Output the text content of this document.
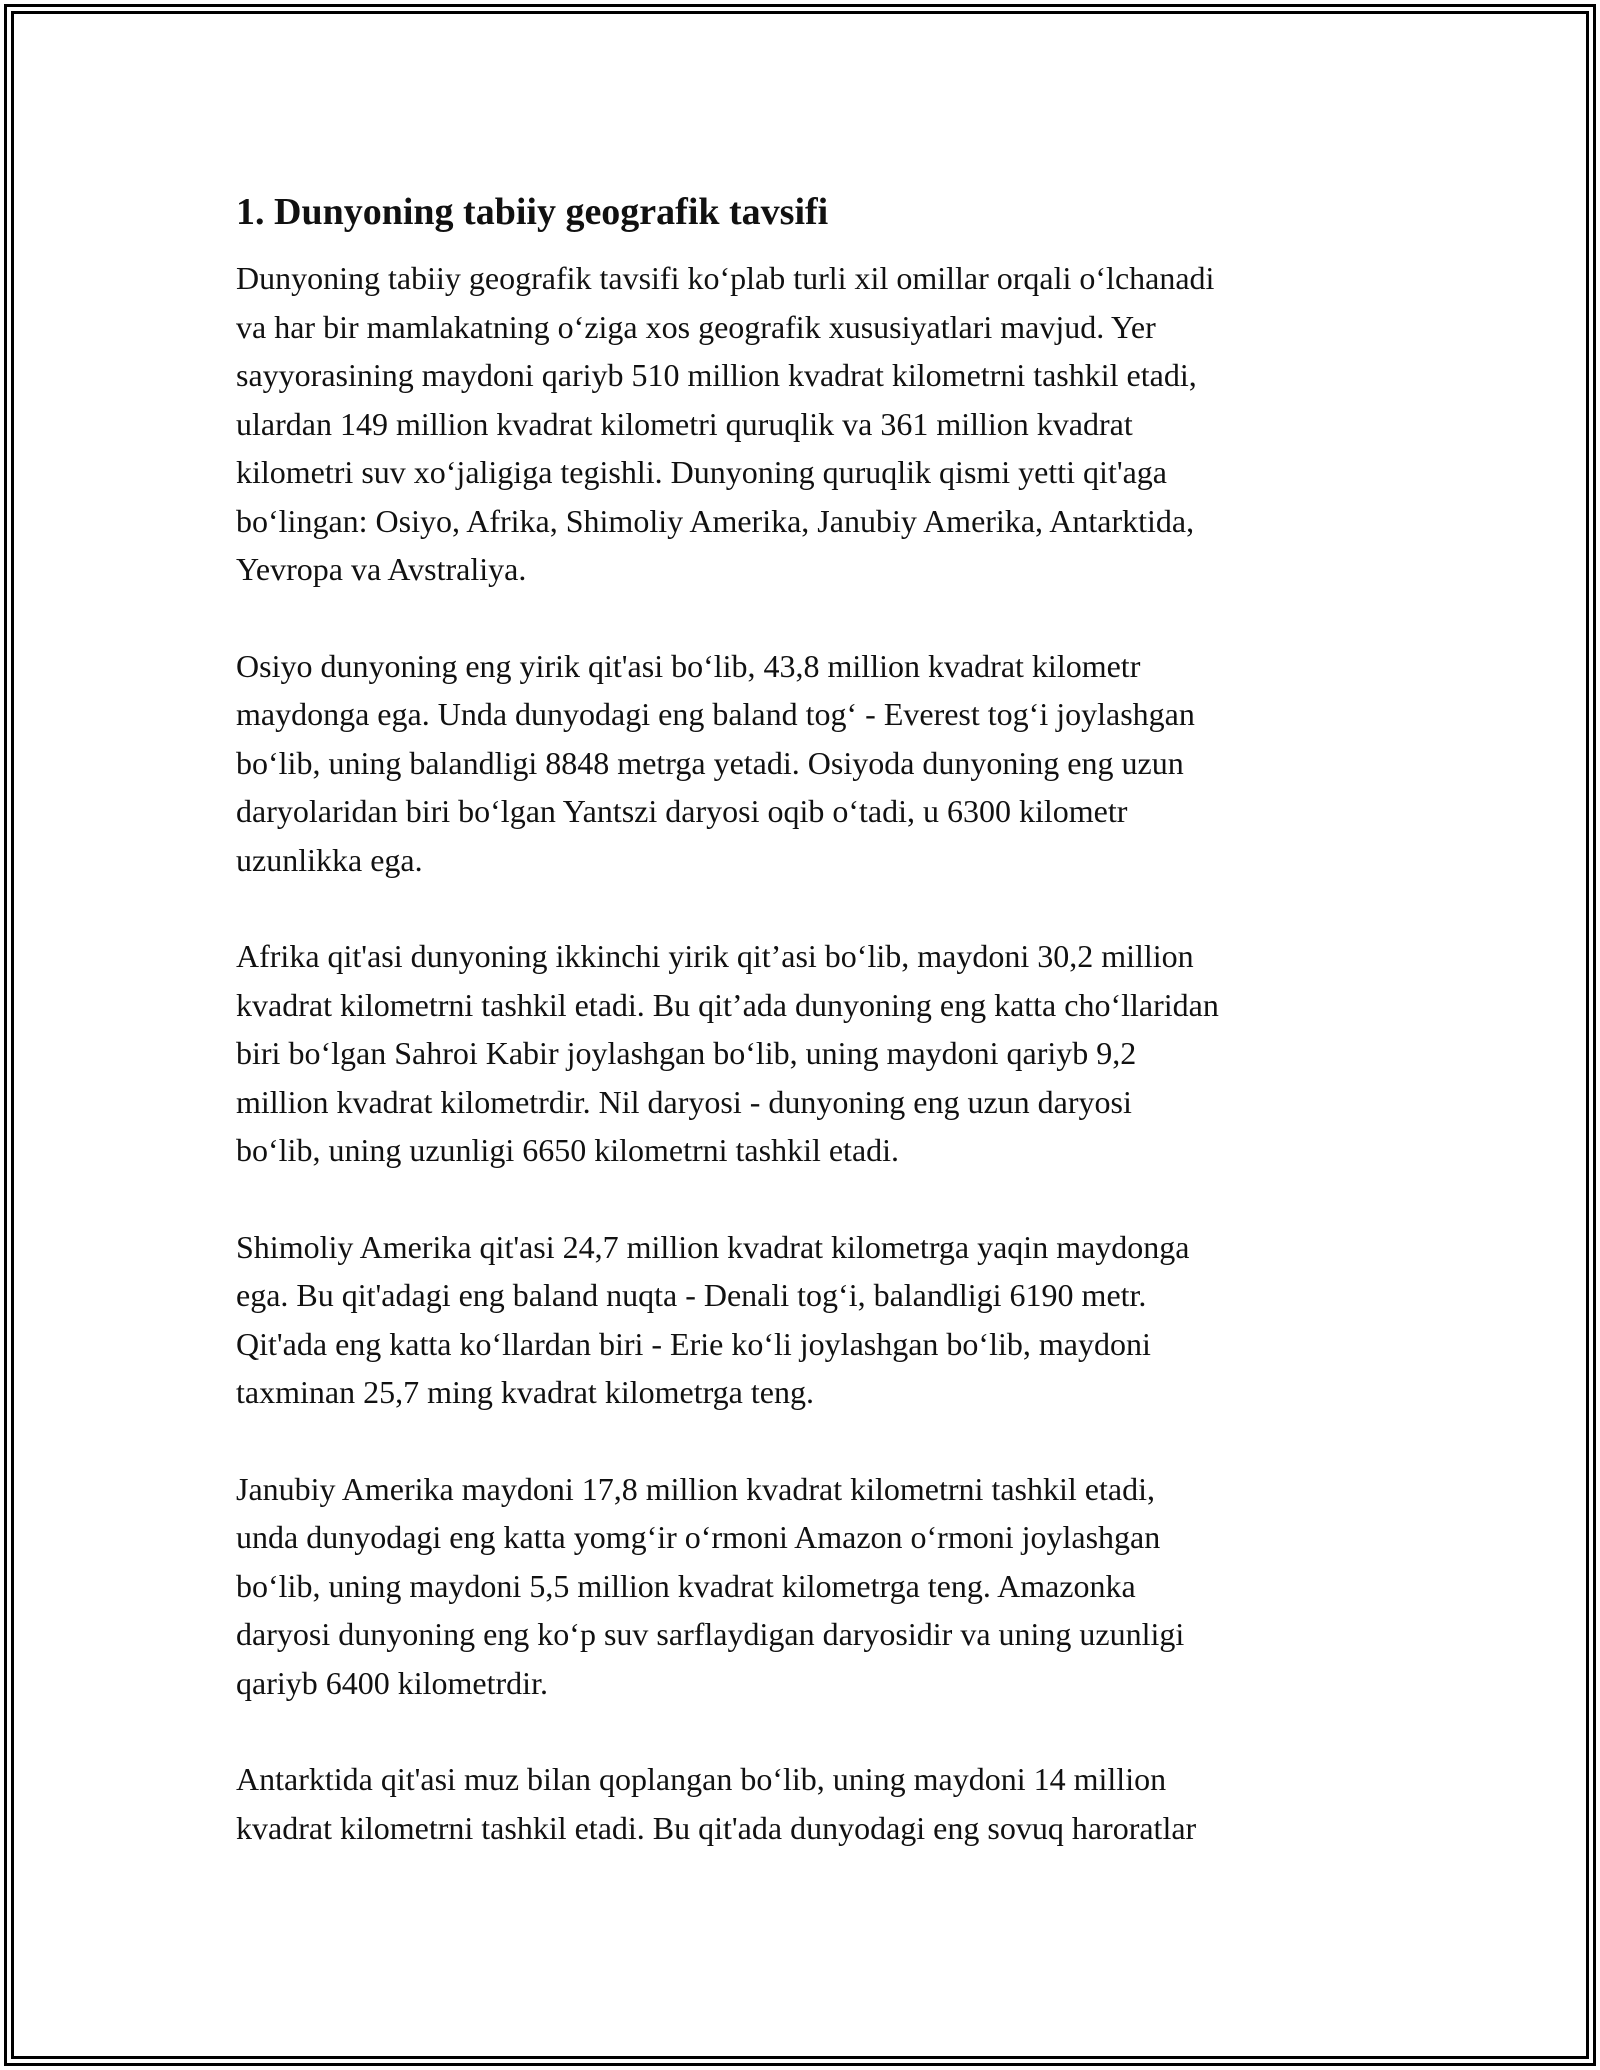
1. Dunyoning tabiiy geografik tavsifi

Dunyoning tabiiy geografik tavsifi ko‘plab turli xil omillar orqali o‘lchanadi
va har bir mamlakatning o‘ziga xos geografik xususiyatlari mavjud. Yer
sayyorasining maydoni qariyb 510 million kvadrat kilometrni tashkil etadi,
ulardan 149 million kvadrat kilometri quruqlik va 361 million kvadrat
kilometri suv xo‘jaligiga tegishli. Dunyoning quruqlik qismi yetti qit'aga
bo‘lingan: Osiyo, Afrika, Shimoliy Amerika, Janubiy Amerika, Antarktida,
Yevropa va Avstraliya.

Osiyo dunyoning eng yirik qit'asi bo‘lib, 43,8 million kvadrat kilometr
maydonga ega. Unda dunyodagi eng baland tog‘ - Everest tog‘i joylashgan
bo‘lib, uning balandligi 8848 metrga yetadi. Osiyoda dunyoning eng uzun
daryolaridan biri bo‘lgan Yantszi daryosi oqib o‘tadi, u 6300 kilometr
uzunlikka ega.

Afrika qit'asi dunyoning ikkinchi yirik qit’asi bo‘lib, maydoni 30,2 million
kvadrat kilometrni tashkil etadi. Bu qit’ada dunyoning eng katta cho‘llaridan
biri bo‘lgan Sahroi Kabir joylashgan bo‘lib, uning maydoni qariyb 9,2
million kvadrat kilometrdir. Nil daryosi - dunyoning eng uzun daryosi
bo‘lib, uning uzunligi 6650 kilometrni tashkil etadi.

Shimoliy Amerika qit'asi 24,7 million kvadrat kilometrga yaqin maydonga
ega. Bu qit'adagi eng baland nuqta - Denali tog‘i, balandligi 6190 metr.
Qit'ada eng katta ko‘llardan biri - Erie ko‘li joylashgan bo‘lib, maydoni
taxminan 25,7 ming kvadrat kilometrga teng.

Janubiy Amerika maydoni 17,8 million kvadrat kilometrni tashkil etadi,
unda dunyodagi eng katta yomg‘ir o‘rmoni Amazon o‘rmoni joylashgan
bo‘lib, uning maydoni 5,5 million kvadrat kilometrga teng. Amazonka
daryosi dunyoning eng ko‘p suv sarflaydigan daryosidir va uning uzunligi
qariyb 6400 kilometrdir.

Antarktida qit'asi muz bilan qoplangan bo‘lib, uning maydoni 14 million
kvadrat kilometrni tashkil etadi. Bu qit'ada dunyodagi eng sovuq haroratlar
